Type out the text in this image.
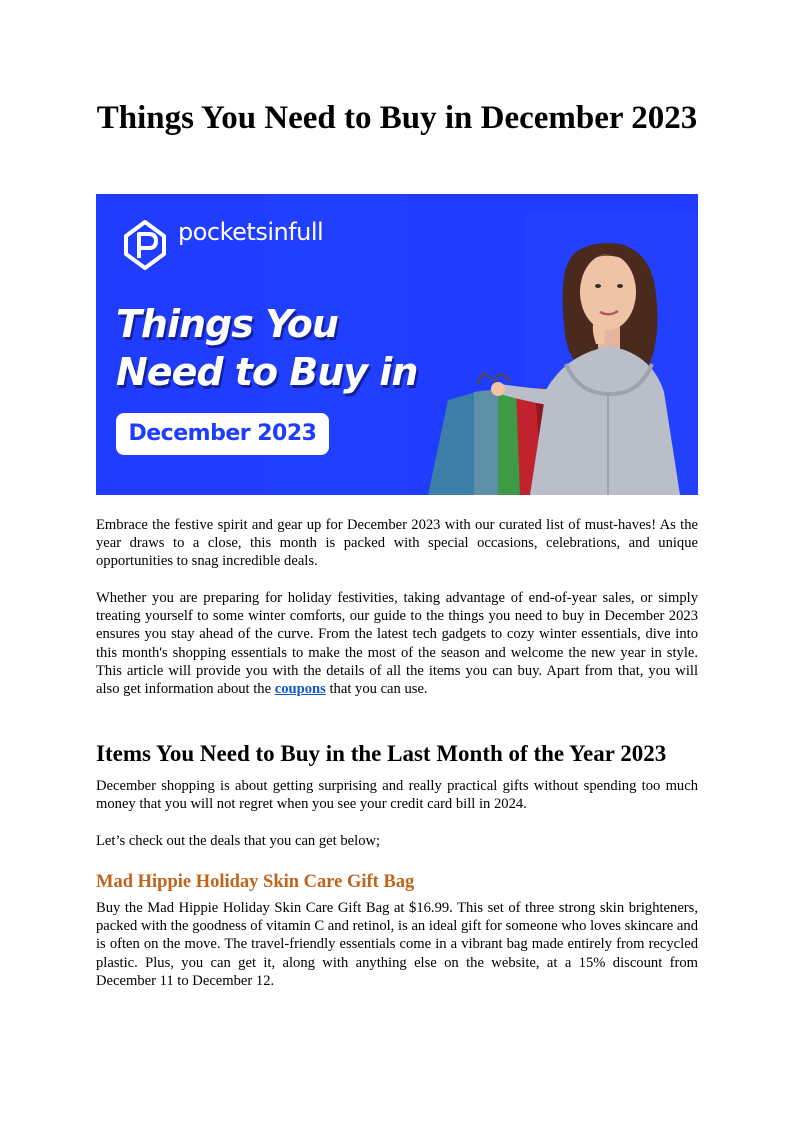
Things You Need to Buy in December 2023
pocketsinfull
Things You
Need to Buy in
December 2023

Embrace the festive spirit and gear up for December 2023 with our curated list of must-haves! As the year draws to a close, this month is packed with special occasions, celebrations, and unique opportunities to snag incredible deals.

Whether you are preparing for holiday festivities, taking advantage of end-of-year sales, or simply treating yourself to some winter comforts, our guide to the things you need to buy in December 2023 ensures you stay ahead of the curve. From the latest tech gadgets to cozy winter essentials, dive into this month's shopping essentials to make the most of the season and welcome the new year in style. This article will provide you with the details of all the items you can buy. Apart from that, you will also get information about the coupons that you can use.

Items You Need to Buy in the Last Month of the Year 2023

December shopping is about getting surprising and really practical gifts without spending too much money that you will not regret when you see your credit card bill in 2024.

Let’s check out the deals that you can get below;

Mad Hippie Holiday Skin Care Gift Bag

Buy the Mad Hippie Holiday Skin Care Gift Bag at $16.99. This set of three strong skin brighteners, packed with the goodness of vitamin C and retinol, is an ideal gift for someone who loves skincare and is often on the move. The travel-friendly essentials come in a vibrant bag made entirely from recycled plastic. Plus, you can get it, along with anything else on the website, at a 15% discount from December 11 to December 12.
